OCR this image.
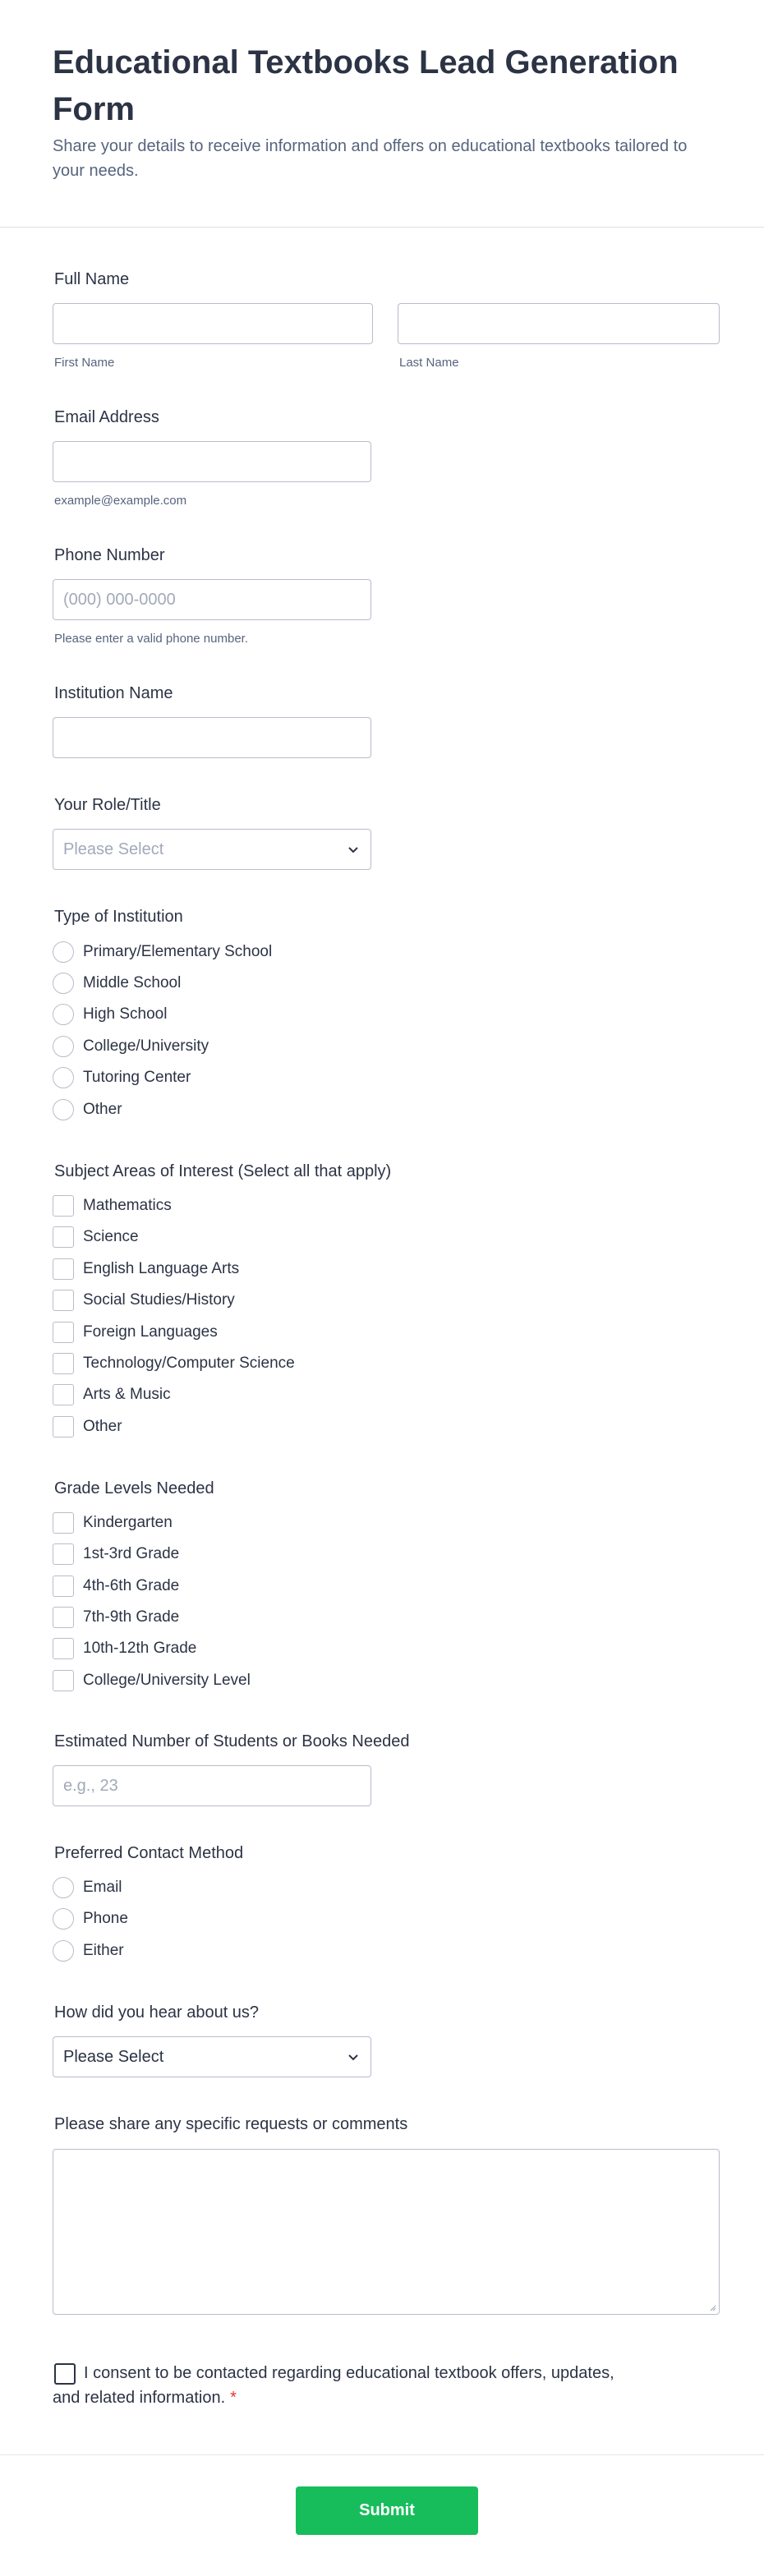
Educational Textbooks Lead Generation Form
Share your details to receive information and offers on educational textbooks tailored to your needs.
Full Name
First Name	Last Name
Email Address
example@example.com
Phone Number
(000) 000-0000
Please enter a valid phone number.
Institution Name
Your Role/Title
Please Select
Type of Institution
Primary/Elementary School
Middle School
High School
College/University
Tutoring Center
Other
Subject Areas of Interest (Select all that apply)
Mathematics
Science
English Language Arts
Social Studies/History
Foreign Languages
Technology/Computer Science
Arts & Music
Other
Grade Levels Needed
Kindergarten
1st-3rd Grade
4th-6th Grade
7th-9th Grade
10th-12th Grade
College/University Level
Estimated Number of Students or Books Needed
e.g., 23
Preferred Contact Method
Email
Phone
Either
How did you hear about us?
Please Select
Please share any specific requests or comments
I consent to be contacted regarding educational textbook offers, updates, and related information. *
Submit
